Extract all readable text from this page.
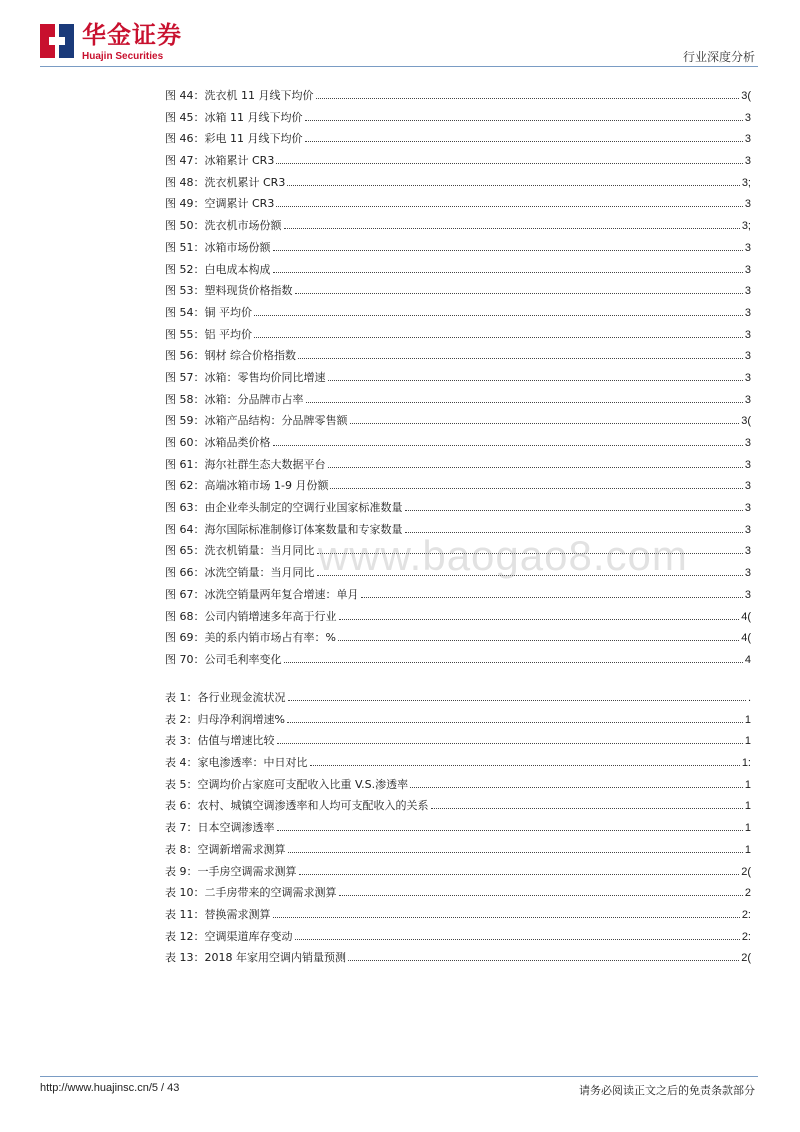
华金证券
Huajin Securities	行业深度分析
图 44： 洗衣机 11 月线下均价	3(
图 45： 冰箱 11 月线下均价	3
图 46： 彩电 11 月线下均价	3
图 47： 冰箱累计 CR3	3
图 48： 洗衣机累计 CR3	3;
图 49： 空调累计 CR3	3
图 50： 洗衣机市场份额	3;
图 51： 冰箱市场份额	3
图 52： 白电成本构成	3
图 53： 塑料现货价格指数	3
图 54： 铜 平均价	3
图 55： 铝 平均价	3
图 56： 钢材 综合价格指数	3
图 57： 冰箱：零售均价同比增速	3
图 58： 冰箱：分品牌市占率	3
图 59： 冰箱产品结构：分品牌零售额	3(
图 60： 冰箱品类价格	3
图 61： 海尔社群生态大数据平台	3
图 62： 高端冰箱市场 1-9 月份额	3
图 63： 由企业牵头制定的空调行业国家标准数量	3
图 64： 海尔国际标准制修订体案数量和专家数量	3
图 65： 洗衣机销量：当月同比	3
图 66： 冰洗空销量：当月同比	3
图 67： 冰洗空销量两年复合增速：单月	3
图 68： 公司内销增速多年高于行业	4(
图 69： 美的系内销市场占有率：%	4(
图 70： 公司毛利率变化	4
表 1： 各行业现金流状况	.
表 2： 归母净利润增速%	1
表 3： 估值与增速比较	1
表 4： 家电渗透率：中日对比	1:
表 5： 空调均价占家庭可支配收入比重 V.S.渗透率	1
表 6： 农村、城镇空调渗透率和人均可支配收入的关系	1
表 7： 日本空调渗透率	1
表 8： 空调新增需求测算	1
表 9： 一手房空调需求测算	2(
表 10： 二手房带来的空调需求测算	2
表 11： 替换需求测算	2:
表 12： 空调渠道库存变动	2:
表 13： 2018 年家用空调内销量预测	2(
www.baogao8.com
http://www.huajinsc.cn/5 / 43	请务必阅读正文之后的免责条款部分
